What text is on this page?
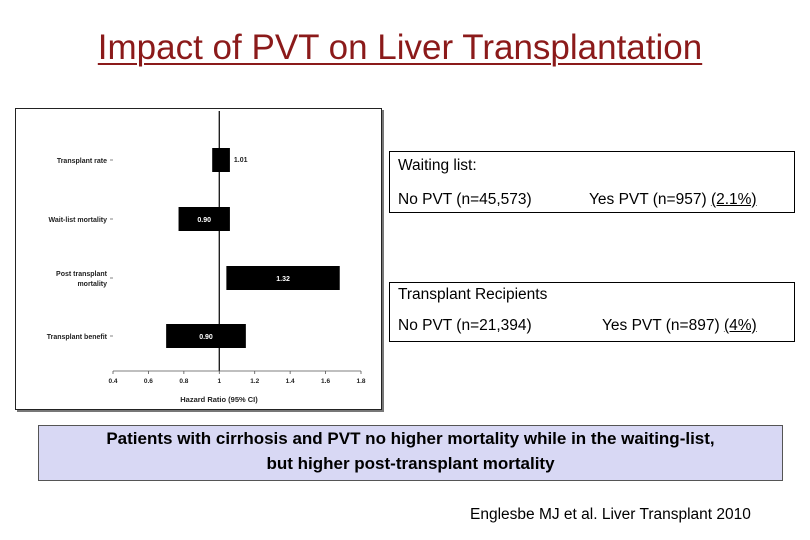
Impact of PVT on Liver Transplantation
Transplant rate	1.01
Wait-list mortality	0.90
Post transplant
mortality
1.32
Transplant benefit	0.90
0.4	0.6	0.8	1	1.2	1.4	1.6	1.8
Hazard Ratio (95% CI)
Waiting list:
No PVT (n=45,573)	Yes PVT (n=957) (2.1%)
Transplant Recipients
No PVT (n=21,394)	Yes PVT (n=897) (4%)
Patients with cirrhosis and PVT no higher mortality while in the waiting-list,
but higher post-transplant mortality
Englesbe MJ et al. Liver Transplant 2010
